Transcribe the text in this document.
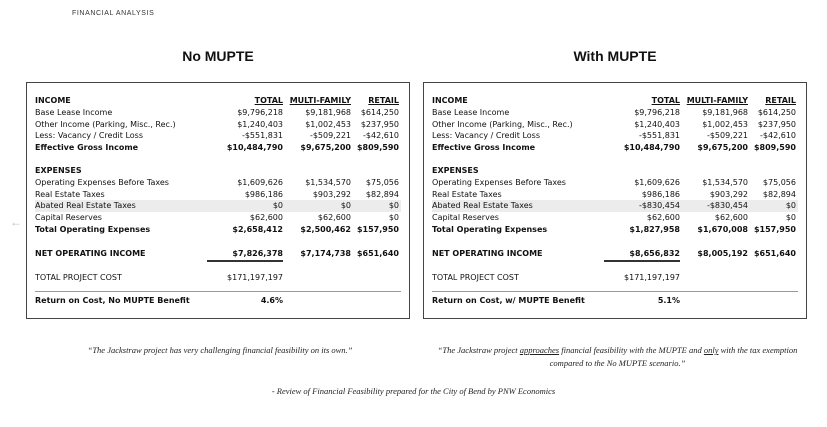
←
FINANCIAL ANALYSIS
No MUPTE	With MUPTE
INCOME	TOTAL MULTI-FAMILY	RETAIL
Base Lease Income	$9,796,218	$9,181,968	$614,250
Other Income (Parking, Misc., Rec.)	$1,240,403	$1,002,453	$237,950
Less: Vacancy / Credit Loss	-$551,831	-$509,221	-$42,610
Effective Gross Income	$10,484,790	$9,675,200 $809,590
EXPENSES
Operating Expenses Before Taxes	$1,609,626	$1,534,570	$75,056
Real Estate Taxes	$986,186	$903,292	$82,894
Abated Real Estate Taxes	$0	$0	$0
Capital Reserves	$62,600	$62,600	$0
Total Operating Expenses	$2,658,412	$2,500,462 $157,950
NET OPERATING INCOME	$7,826,378	$7,174,738 $651,640
TOTAL PROJECT COST	$171,197,197
Return on Cost, No MUPTE Benefit	4.6%
INCOME	TOTAL MULTI-FAMILY	RETAIL
Base Lease Income	$9,796,218	$9,181,968	$614,250
Other Income (Parking, Misc., Rec.)	$1,240,403	$1,002,453	$237,950
Less: Vacancy / Credit Loss	-$551,831	-$509,221	-$42,610
Effective Gross Income	$10,484,790	$9,675,200 $809,590
EXPENSES
Operating Expenses Before Taxes	$1,609,626	$1,534,570	$75,056
Real Estate Taxes	$986,186	$903,292	$82,894
Abated Real Estate Taxes	-$830,454	-$830,454	$0
Capital Reserves	$62,600	$62,600	$0
Total Operating Expenses	$1,827,958	$1,670,008 $157,950
NET OPERATING INCOME	$8,656,832	$8,005,192 $651,640
TOTAL PROJECT COST	$171,197,197
Return on Cost, w/ MUPTE Benefit	5.1%
“The Jackstraw project has very challenging financial feasibility on its own.”	“The Jackstraw project approaches financial feasibility with the MUPTE and only with the tax exemption compared to the No MUPTE scenario.”
- Review of Financial Feasibility prepared for the City of Bend by PNW Economics
